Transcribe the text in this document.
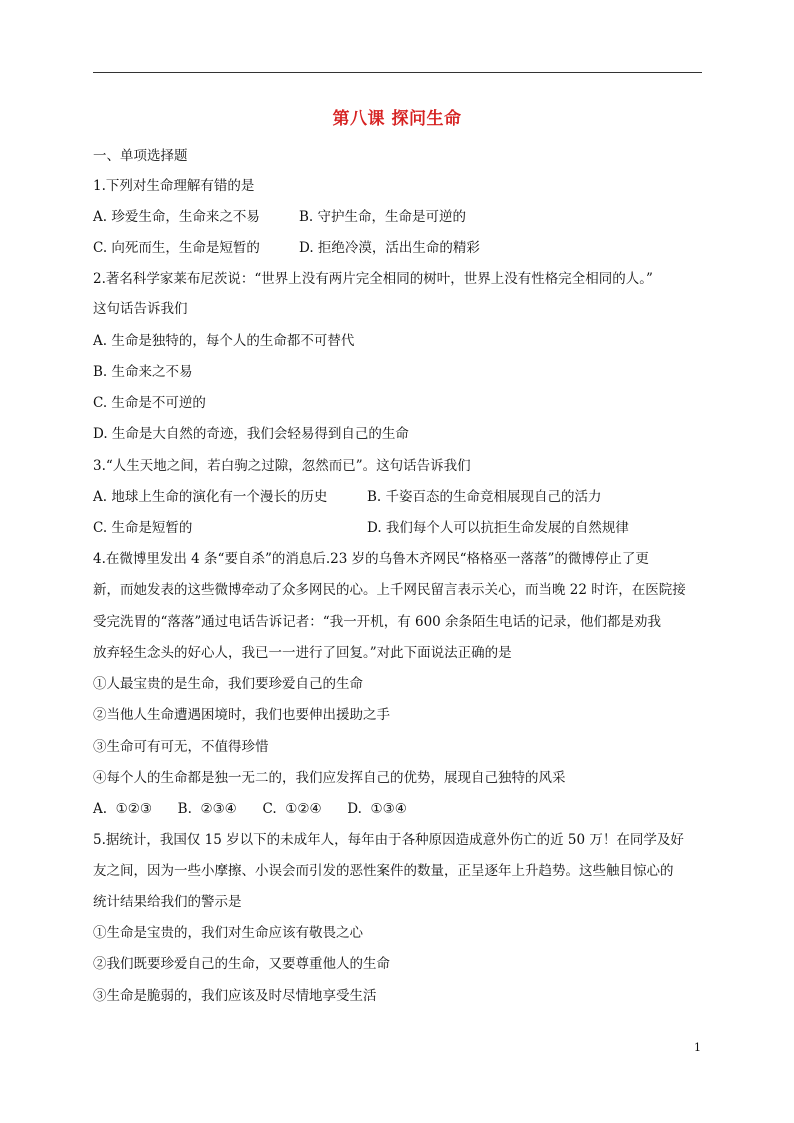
第八课 探问生命
一、单项选择题
1.下列对生命理解有错的是
A. 珍爱生命，生命来之不易	B. 守护生命，生命是可逆的
C. 向死而生，生命是短暂的	D. 拒绝冷漠，活出生命的精彩
2.著名科学家莱布尼茨说：“世界上没有两片完全相同的树叶，世界上没有性格完全相同的人。”
这句话告诉我们
A. 生命是独特的，每个人的生命都不可替代
B. 生命来之不易
C. 生命是不可逆的
D. 生命是大自然的奇迹，我们会轻易得到自己的生命
3.“人生天地之间，若白驹之过隙，忽然而已”。这句话告诉我们
A. 地球上生命的演化有一个漫长的历史	B. 千姿百态的生命竞相展现自己的活力
C. 生命是短暂的	D. 我们每个人可以抗拒生命发展的自然规律
4.在微博里发出 4 条“要自杀”的消息后.23 岁的乌鲁木齐网民“格格巫一落落”的微博停止了更
新，而她发表的这些微博牵动了众多网民的心。上千网民留言表示关心，而当晚 22 时许，在医院接
受完洗胃的“落落”通过电话告诉记者：“我一开机，有 600 余条陌生电话的记录，他们都是劝我
放弃轻生念头的好心人，我已一一进行了回复。”对此下面说法正确的是
①人最宝贵的是生命，我们要珍爱自己的生命
②当他人生命遭遇困境时，我们也要伸出援助之手
③生命可有可无，不值得珍惜
④每个人的生命都是独一无二的，我们应发挥自己的优势，展现自己独特的风采
A.  ①②③      B.  ②③④      C.  ①②④      D.  ①③④
5.据统计，我国仅 15 岁以下的未成年人，每年由于各种原因造成意外伤亡的近 50 万！在同学及好
友之间，因为一些小摩擦、小误会而引发的恶性案件的数量，正呈逐年上升趋势。这些触目惊心的
统计结果给我们的警示是
①生命是宝贵的，我们对生命应该有敬畏之心
②我们既要珍爱自己的生命，又要尊重他人的生命
③生命是脆弱的，我们应该及时尽情地享受生活
1
